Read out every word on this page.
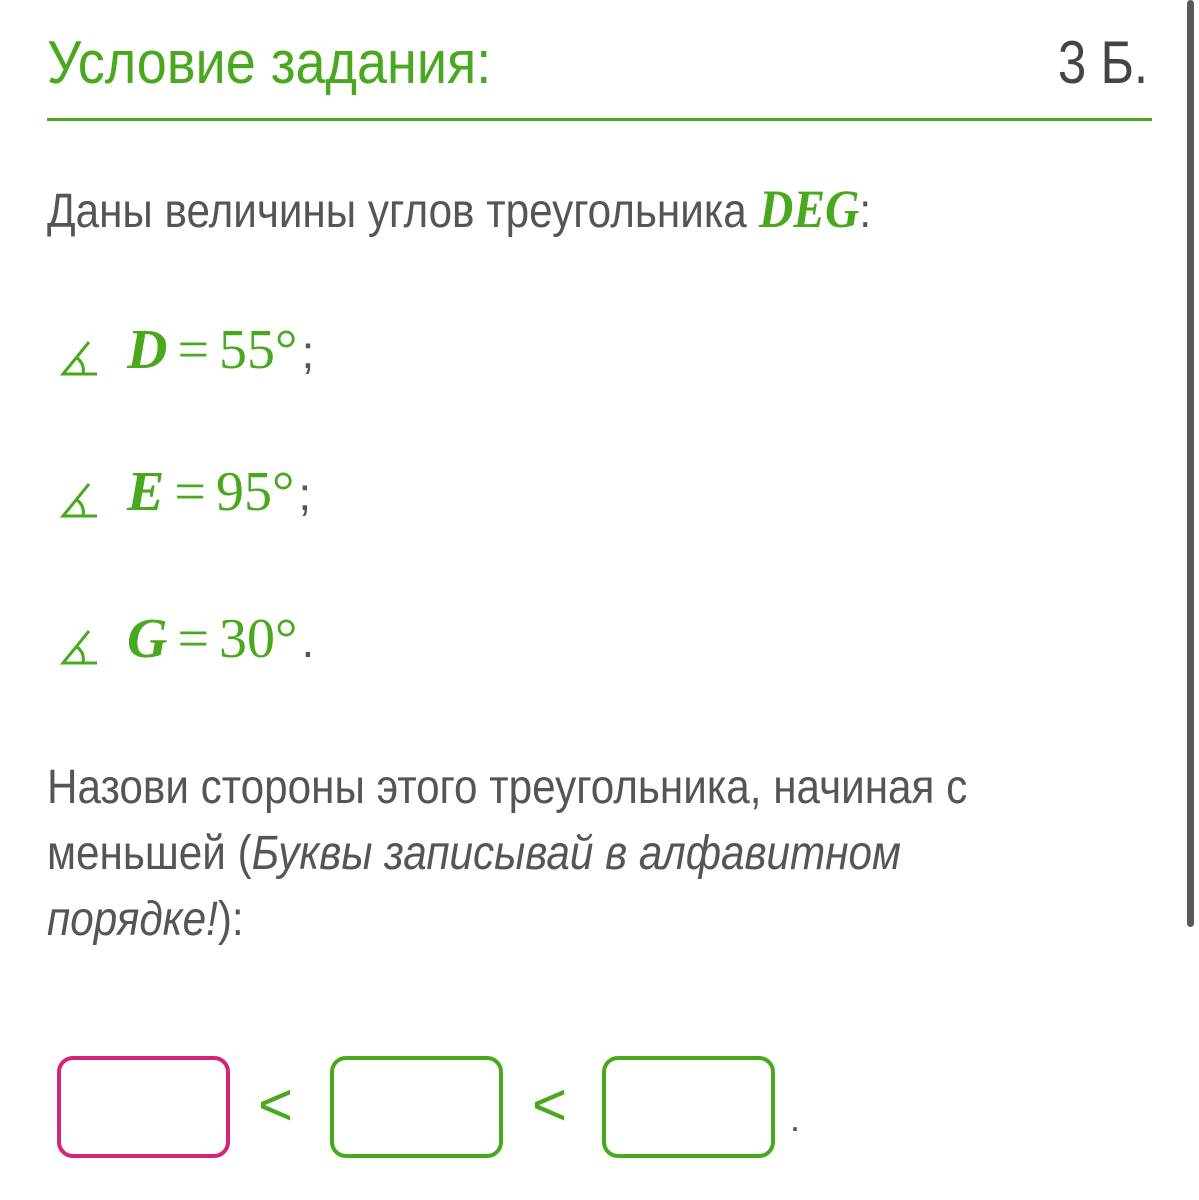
Условие задания:	3 Б.
Даны величины углов треугольника DEG:
D = 55° ;
E = 95° ;
G = 30° .
Назови стороны этого треугольника, начиная с меньшей (Буквы записывай в алфавитном порядке!):
<	<	.
